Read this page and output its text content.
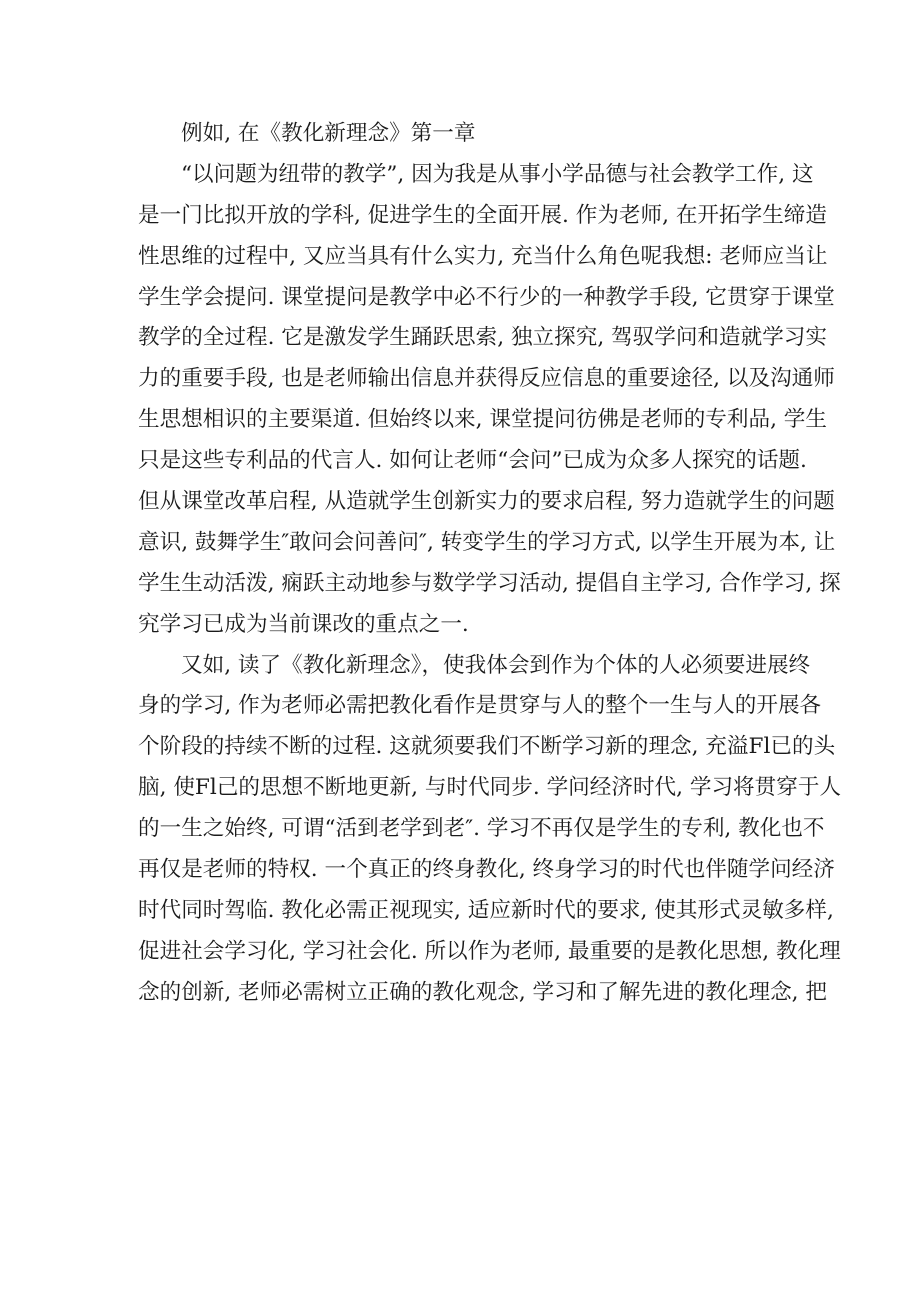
例如, 在《教化新理念》第一章
“以问题为纽带的教学”, 因为我是从事小学品德与社会教学工作, 这
是一门比拟开放的学科, 促进学生的全面开展. 作为老师, 在开拓学生缔造
性思维的过程中, 又应当具有什么实力, 充当什么角色呢我想: 老师应当让
学生学会提问. 课堂提问是教学中必不行少的一种教学手段, 它贯穿于课堂
教学的全过程. 它是激发学生踊跃思索, 独立探究, 驾驭学问和造就学习实
力的重要手段, 也是老师输出信息并获得反应信息的重要途径, 以及沟通师
生思想相识的主要渠道. 但始终以来, 课堂提问彷佛是老师的专利品, 学生
只是这些专利品的代言人. 如何让老师“会问”已成为众多人探究的话题.
但从课堂改革启程, 从造就学生创新实力的要求启程, 努力造就学生的问题
意识, 鼓舞学生″敢问会问善问″, 转变学生的学习方式, 以学生开展为本, 让
学生生动活泼, 痫跃主动地参与数学学习活动, 提倡自主学习, 合作学习, 探
究学习已成为当前课改的重点之一.
又如, 读了《教化新理念》，使我体会到作为个体的人必须要进展终
身的学习, 作为老师必需把教化看作是贯穿与人的整个一生与人的开展各
个阶段的持续不断的过程. 这就须要我们不断学习新的理念, 充溢Fl已的头
脑, 使Fl己的思想不断地更新, 与时代同步. 学问经济时代, 学习将贯穿于人
的一生之始终, 可谓“活到老学到老″. 学习不再仅是学生的专利, 教化也不
再仅是老师的特权. 一个真正的终身教化, 终身学习的时代也伴随学问经济
时代同时驾临. 教化必需正视现实, 适应新时代的要求, 使其形式灵敏多样,
促进社会学习化, 学习社会化. 所以作为老师, 最重要的是教化思想, 教化理
念的创新, 老师必需树立正确的教化观念, 学习和了解先进的教化理念, 把
